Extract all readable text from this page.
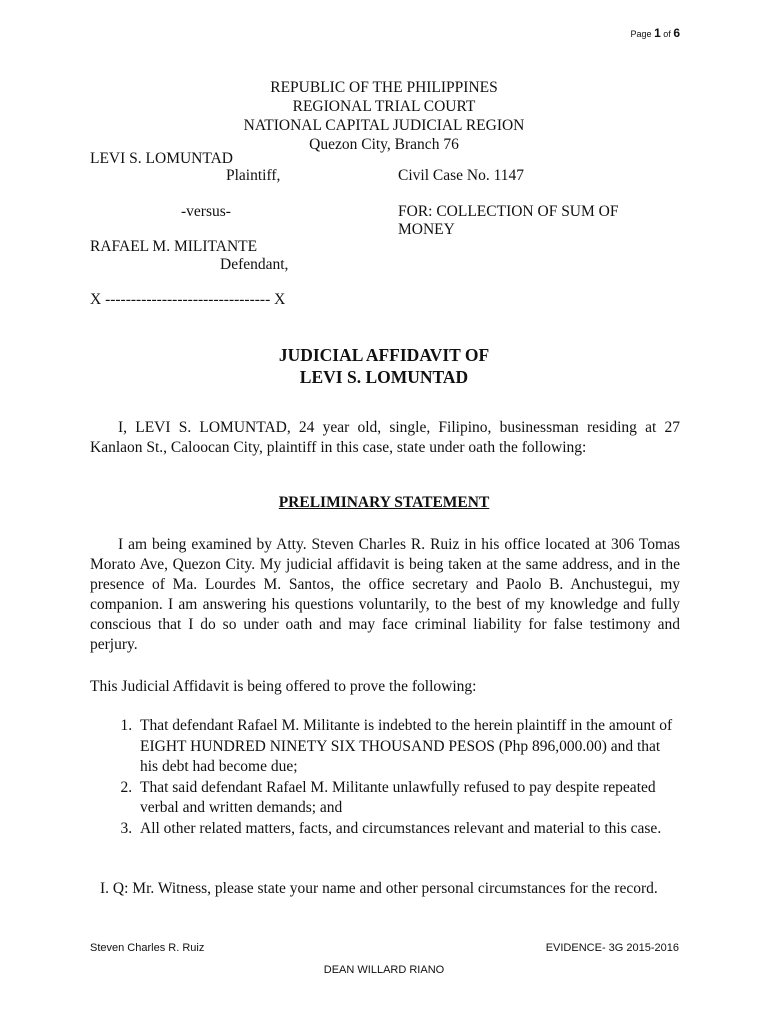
Page 1 of 6
REPUBLIC OF THE PHILIPPINES
REGIONAL TRIAL COURT
NATIONAL CAPITAL JUDICIAL REGION
Quezon City, Branch 76
LEVI S. LOMUNTAD
Plaintiff,	Civil Case No. 1147
-versus-	FOR: COLLECTION OF SUM OF
MONEY
RAFAEL M. MILITANTE
Defendant,
X -------------------------------- X
JUDICIAL AFFIDAVIT OF
LEVI S. LOMUNTAD
I, LEVI S. LOMUNTAD, 24 year old, single, Filipino, businessman residing at 27 Kanlaon St., Caloocan City, plaintiff in this case, state under oath the following:
PRELIMINARY STATEMENT
I am being examined by Atty. Steven Charles R. Ruiz in his office located at 306 Tomas Morato Ave, Quezon City. My judicial affidavit is being taken at the same address, and in the presence of Ma. Lourdes M. Santos, the office secretary and Paolo B. Anchustegui, my companion. I am answering his questions voluntarily, to the best of my knowledge and fully conscious that I do so under oath and may face criminal liability for false testimony and perjury.
This Judicial Affidavit is being offered to prove the following:
1. That defendant Rafael M. Militante is indebted to the herein plaintiff in the amount of EIGHT HUNDRED NINETY SIX THOUSAND PESOS (Php 896,000.00) and that his debt had become due;
2. That said defendant Rafael M. Militante unlawfully refused to pay despite repeated verbal and written demands; and
3. All other related matters, facts, and circumstances relevant and material to this case.
I. Q: Mr. Witness, please state your name and other personal circumstances for the record.
Steven Charles R. Ruiz	EVIDENCE- 3G 2015-2016
DEAN WILLARD RIANO
